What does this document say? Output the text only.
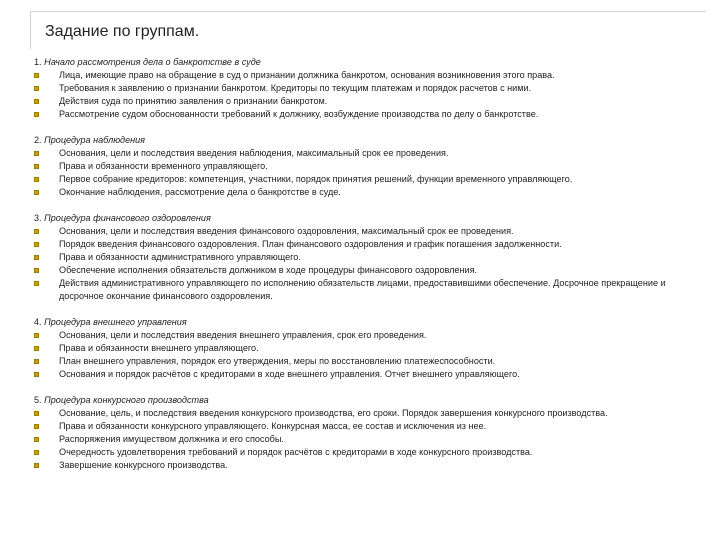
Задание по группам.
1. Начало рассмотрения дела о банкротстве в суде
Лица, имеющие право на обращение в суд о признании должника банкротом, основания возникновения этого права.
Требования к заявлению о признании банкротом. Кредиторы по текущим платежам и порядок расчетов с ними.
Действия суда по принятию заявления о признании банкротом.
Рассмотрение судом обоснованности требований к должнику, возбуждение производства по делу о банкротстве.
2. Процедура наблюдения
Основания, цели и последствия введения наблюдения, максимальный срок ее проведения.
Права и обязанности временного управляющего.
Первое собрание кредиторов: компетенция, участники, порядок принятия решений, функции временного управляющего.
Окончание наблюдения, рассмотрение дела о банкротстве в суде.
3. Процедура финансового оздоровления
Основания, цели и последствия введения финансового оздоровления, максимальный срок ее проведения.
Порядок введения финансового оздоровления. План финансового оздоровления и график погашения задолженности.
Права и обязанности административного управляющего.
Обеспечение исполнения обязательств должником в ходе процедуры финансового оздоровления.
Действия административного управляющего по исполнению обязательств лицами, предоставившими обеспечение. Досрочное прекращение и досрочное окончание финансового оздоровления.
4. Процедура внешнего управления
Основания, цели и последствия введения внешнего управления, срок его проведения.
Права и обязанности внешнего управляющего.
План внешнего управления, порядок его утверждения, меры по восстановлению платежеспособности.
Основания и порядок расчётов с кредиторами в ходе внешнего управления. Отчет внешнего управляющего.
5. Процедура конкурсного производства
Основание, цель, и последствия введения конкурсного производства, его сроки. Порядок завершения конкурсного производства.
Права и обязанности конкурсного управляющего. Конкурсная масса, ее состав и исключения из нее.
Распоряжения имуществом должника и его способы.
Очередность удовлетворения требований и порядок расчётов с кредиторами в ходе конкурсного производства.
Завершение конкурсного производства.
